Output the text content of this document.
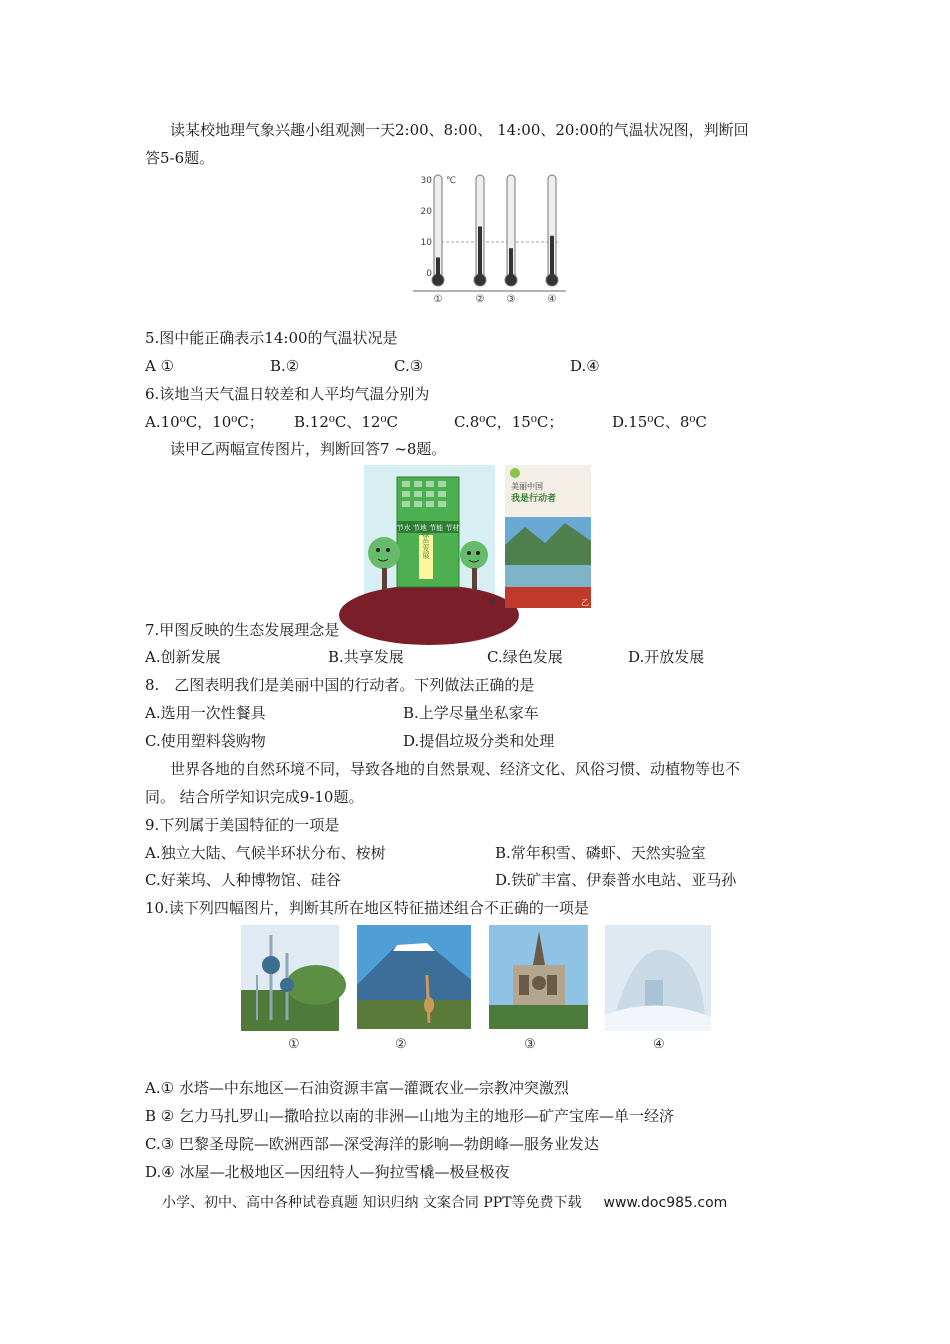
读某校地理气象兴趣小组观测一天2:00、8:00、 14:00、20:00的气温状况图，判断回
答5-6题。
30
20
10
0
℃
①	② ③	④
5.图中能正确表示14:00的气温状况是
A ①	B.②	C.③	D.④
6.该地当天气温日较差和人平均气温分别为
A.10⁰C，10⁰C； B.12⁰C、12⁰C	C.8⁰C，15⁰C；	D.15⁰C、8⁰C
读甲乙两幅宣传图片，判断回答7 ~8题。
节水 节地 节能 节材
绿色发展
甲
美丽中国
我是行动者
乙
7.甲图反映的生态发展理念是
A.创新发展	B.共享发展	C.绿色发展	D.开放发展
8.　乙图表明我们是美丽中国的行动者。下列做法正确的是
A.选用一次性餐具	B.上学尽量坐私家车
C.使用塑料袋购物	D.提倡垃圾分类和处理
世界各地的自然环境不同，导致各地的自然景观、经济文化、风俗习惯、动植物等也不
同。 结合所学知识完成9-10题。
9.下列属于美国特征的一项是
A.独立大陆、气候半环状分布、桉树	B.常年积雪、磷虾、天然实验室
C.好莱坞、人种博物馆、硅谷	D.铁矿丰富、伊泰普水电站、亚马孙
10.读下列四幅图片，判断其所在地区特征描述组合不正确的一项是
①	②	③	④
A.① 水塔—中东地区—石油资源丰富—灌溉农业—宗教冲突激烈
B ② 乞力马扎罗山—撒哈拉以南的非洲—山地为主的地形—矿产宝库—单一经济
C.③ 巴黎圣母院—欧洲西部—深受海洋的影响—勃朗峰—服务业发达
D.④ 冰屋—北极地区—因纽特人—狗拉雪橇—极昼极夜
小学、初中、高中各种试卷真题 知识归纳 文案合同 PPT等免费下载 www.doc985.com
